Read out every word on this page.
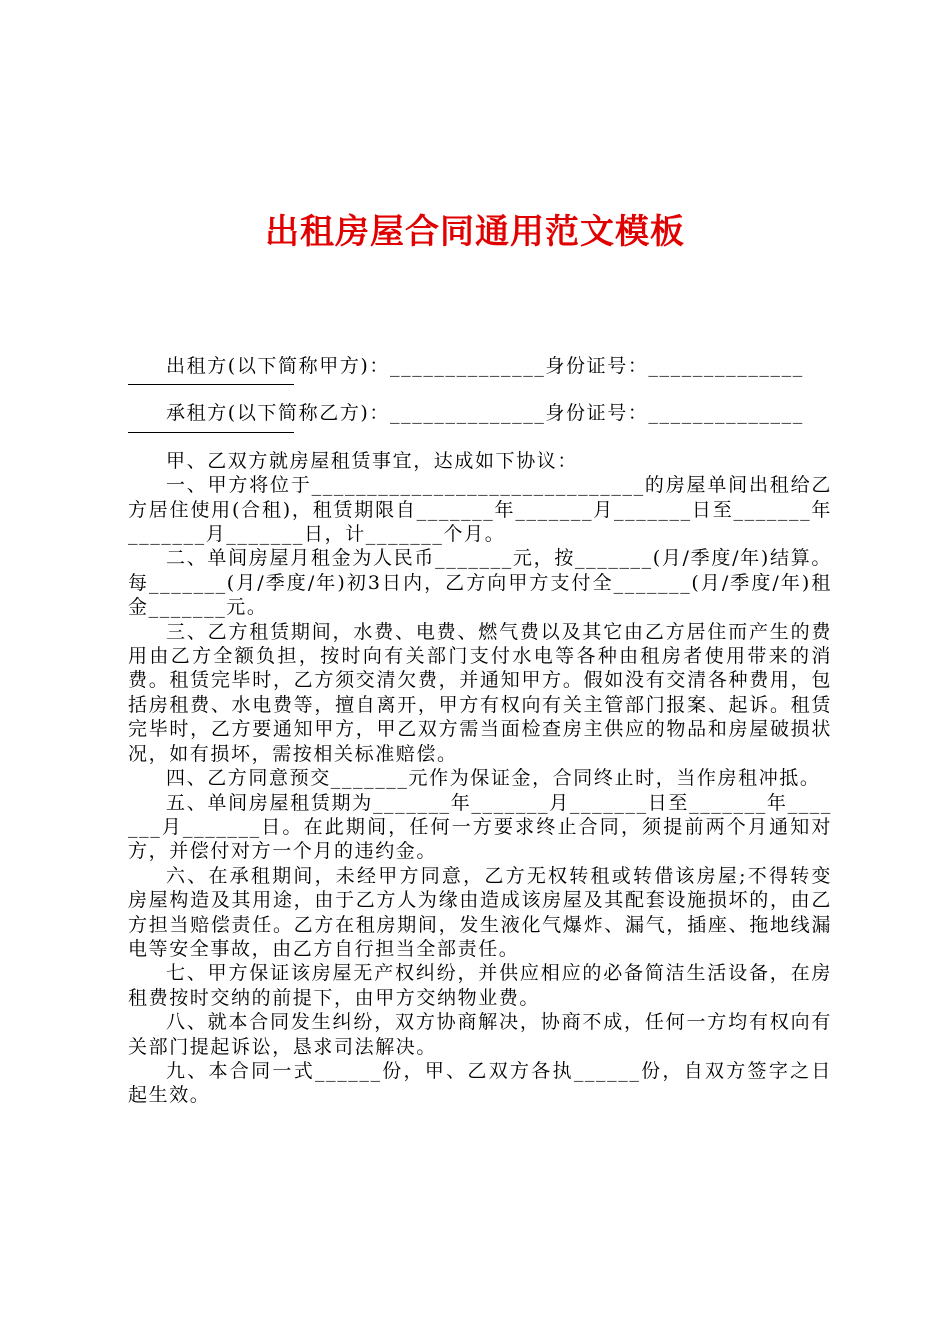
出租房屋合同通用范文模板

出租方(以下简称甲方)：______________身份证号：______________

承租方(以下简称乙方)：______________身份证号：______________

甲、乙双方就房屋租赁事宜，达成如下协议：

一、甲方将位于______________________________的房屋单间出租给乙方居住使用(合租)，租赁期限自_______年_______月_______日至_______年_______月_______日，计_______个月。

二、单间房屋月租金为人民币_______元，按_______(月/季度/年)结算。每_______(月/季度/年)初3日内，乙方向甲方支付全_______(月/季度/年)租金_______元。

三、乙方租赁期间，水费、电费、燃气费以及其它由乙方居住而产生的费用由乙方全额负担，按时向有关部门支付水电等各种由租房者使用带来的消费。租赁完毕时，乙方须交清欠费，并通知甲方。假如没有交清各种费用，包括房租费、水电费等，擅自离开，甲方有权向有关主管部门报案、起诉。租赁完毕时，乙方要通知甲方，甲乙双方需当面检查房主供应的物品和房屋破损状况，如有损坏，需按相关标准赔偿。

四、乙方同意预交_______元作为保证金，合同终止时，当作房租冲抵。

五、单间房屋租赁期为_______年_______月_______日至_______年_______月_______日。在此期间，任何一方要求终止合同，须提前两个月通知对方，并偿付对方一个月的违约金。

六、在承租期间，未经甲方同意，乙方无权转租或转借该房屋;不得转变房屋构造及其用途，由于乙方人为缘由造成该房屋及其配套设施损坏的，由乙方担当赔偿责任。乙方在租房期间，发生液化气爆炸、漏气，插座、拖地线漏电等安全事故，由乙方自行担当全部责任。

七、甲方保证该房屋无产权纠纷，并供应相应的必备简洁生活设备，在房租费按时交纳的前提下，由甲方交纳物业费。

八、就本合同发生纠纷，双方协商解决，协商不成，任何一方均有权向有关部门提起诉讼，恳求司法解决。

九、本合同一式______份，甲、乙双方各执______份，自双方签字之日起生效。
